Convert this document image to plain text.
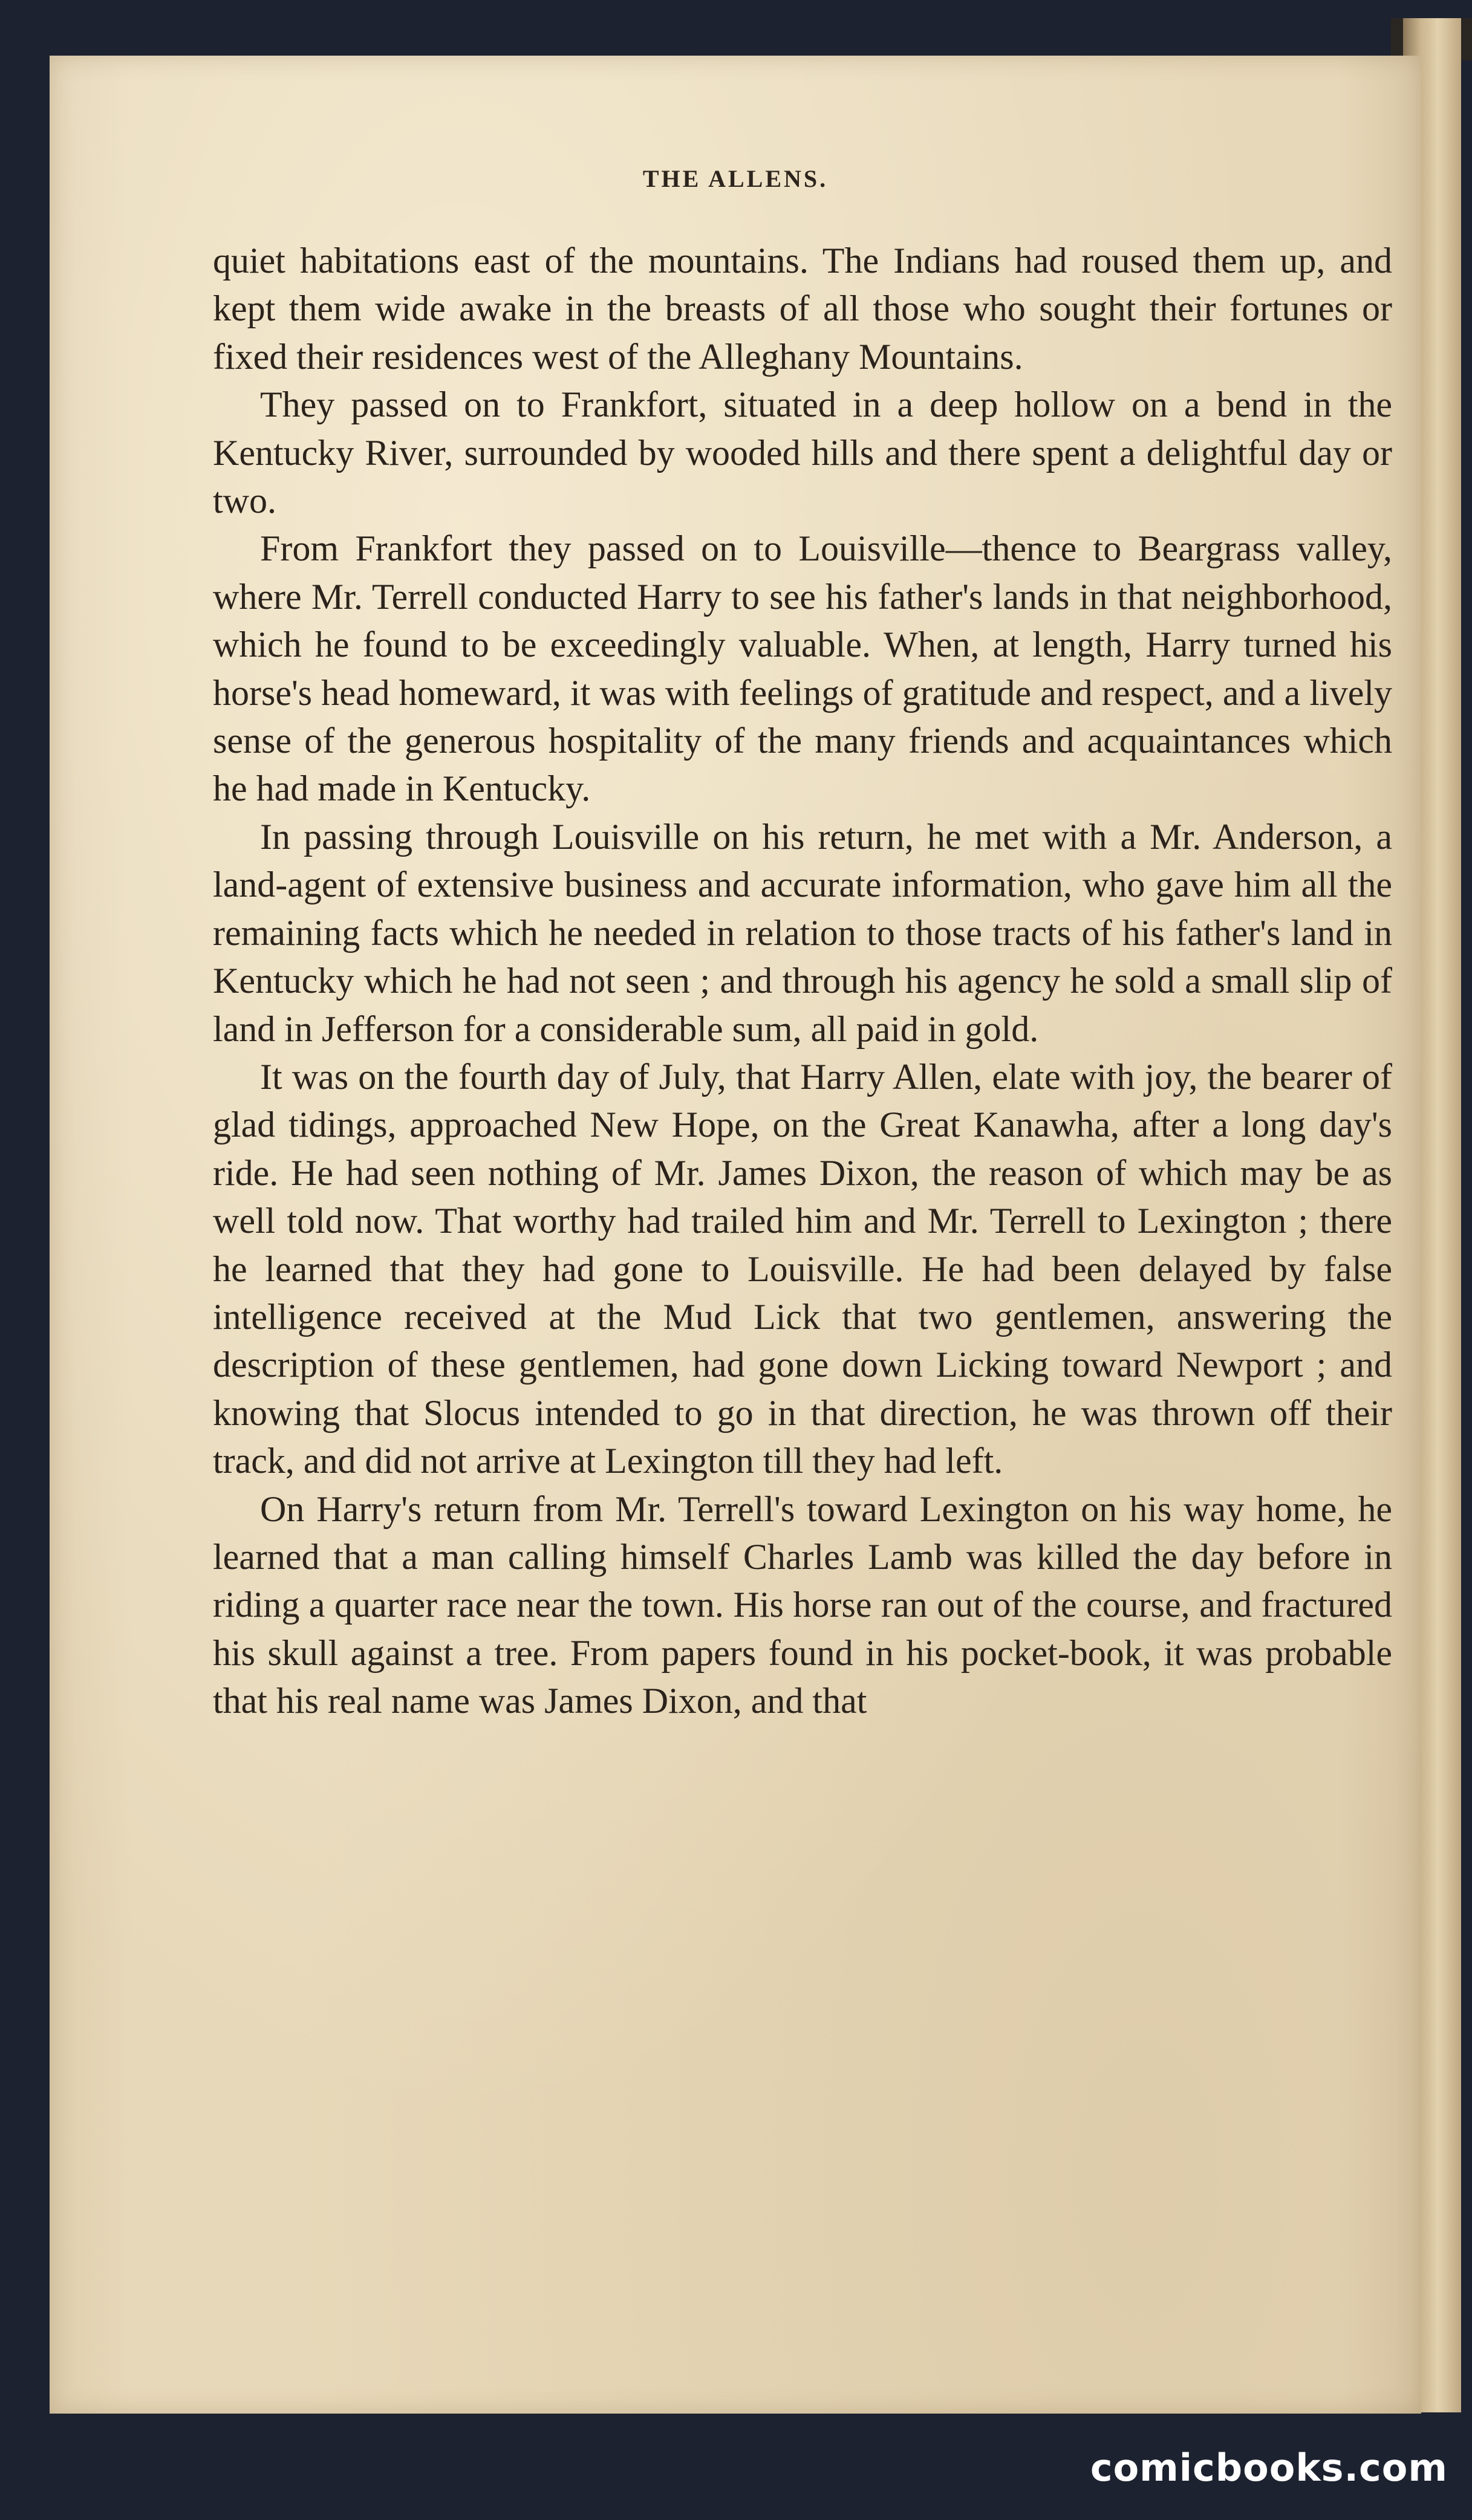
THE ALLENS.

quiet habitations east of the mountains. The Indians had roused them up, and kept them wide awake in the breasts of all those who sought their fortunes or fixed their residences west of the Alleghany Mountains.

They passed on to Frankfort, situated in a deep hollow on a bend in the Kentucky River, surrounded by wooded hills and there spent a delightful day or two.

From Frankfort they passed on to Louisville—thence to Beargrass valley, where Mr. Terrell conducted Harry to see his father's lands in that neighborhood, which he found to be exceedingly valuable. When, at length, Harry turned his horse's head homeward, it was with feelings of gratitude and respect, and a lively sense of the generous hospitality of the many friends and acquaintances which he had made in Kentucky.

In passing through Louisville on his return, he met with a Mr. Anderson, a land-agent of extensive business and accurate information, who gave him all the remaining facts which he needed in relation to those tracts of his father's land in Kentucky which he had not seen ; and through his agency he sold a small slip of land in Jefferson for a considerable sum, all paid in gold.

It was on the fourth day of July, that Harry Allen, elate with joy, the bearer of glad tidings, approached New Hope, on the Great Kanawha, after a long day's ride. He had seen nothing of Mr. James Dixon, the reason of which may be as well told now. That worthy had trailed him and Mr. Terrell to Lexington ; there he learned that they had gone to Louisville. He had been delayed by false intelligence received at the Mud Lick that two gentlemen, answering the description of these gentlemen, had gone down Licking toward Newport ; and knowing that Slocus intended to go in that direction, he was thrown off their track, and did not arrive at Lexington till they had left.

On Harry's return from Mr. Terrell's toward Lexington on his way home, he learned that a man calling himself Charles Lamb was killed the day before in riding a quarter race near the town. His horse ran out of the course, and fractured his skull against a tree. From papers found in his pocket-book, it was probable that his real name was James Dixon, and that

comicbooks.com
